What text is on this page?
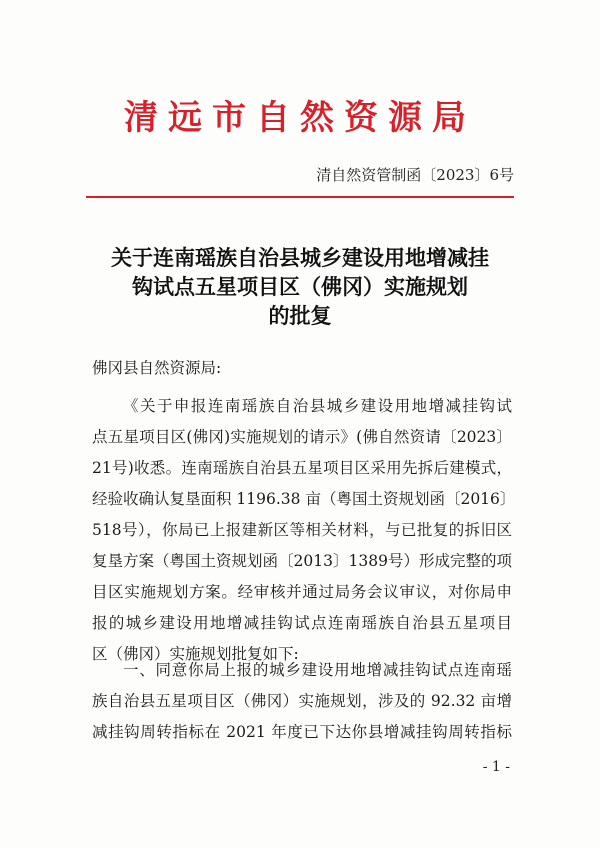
清远市自然资源局
清自然资管制函〔2023〕6号
关于连南瑶族自治县城乡建设用地增减挂
钩试点五星项目区（佛冈）实施规划
的批复
佛冈县自然资源局:
《关于申报连南瑶族自治县城乡建设用地增减挂钩试
点五星项目区(佛冈)实施规划的请示》(佛自然资请〔2023〕
21号)收悉。连南瑶族自治县五星项目区采用先拆后建模式，
经验收确认复垦面积 1196.38 亩（粤国土资规划函〔2016〕
518号），你局已上报建新区等相关材料，与已批复的拆旧区
复垦方案（粤国土资规划函〔2013〕1389号）形成完整的项
目区实施规划方案。经审核并通过局务会议审议，对你局申
报的城乡建设用地增减挂钩试点连南瑶族自治县五星项目
区（佛冈）实施规划批复如下:
一、同意你局上报的城乡建设用地增减挂钩试点连南瑶
族自治县五星项目区（佛冈）实施规划，涉及的 92.32 亩增
减挂钩周转指标在 2021 年度已下达你县增减挂钩周转指标
- 1 -
